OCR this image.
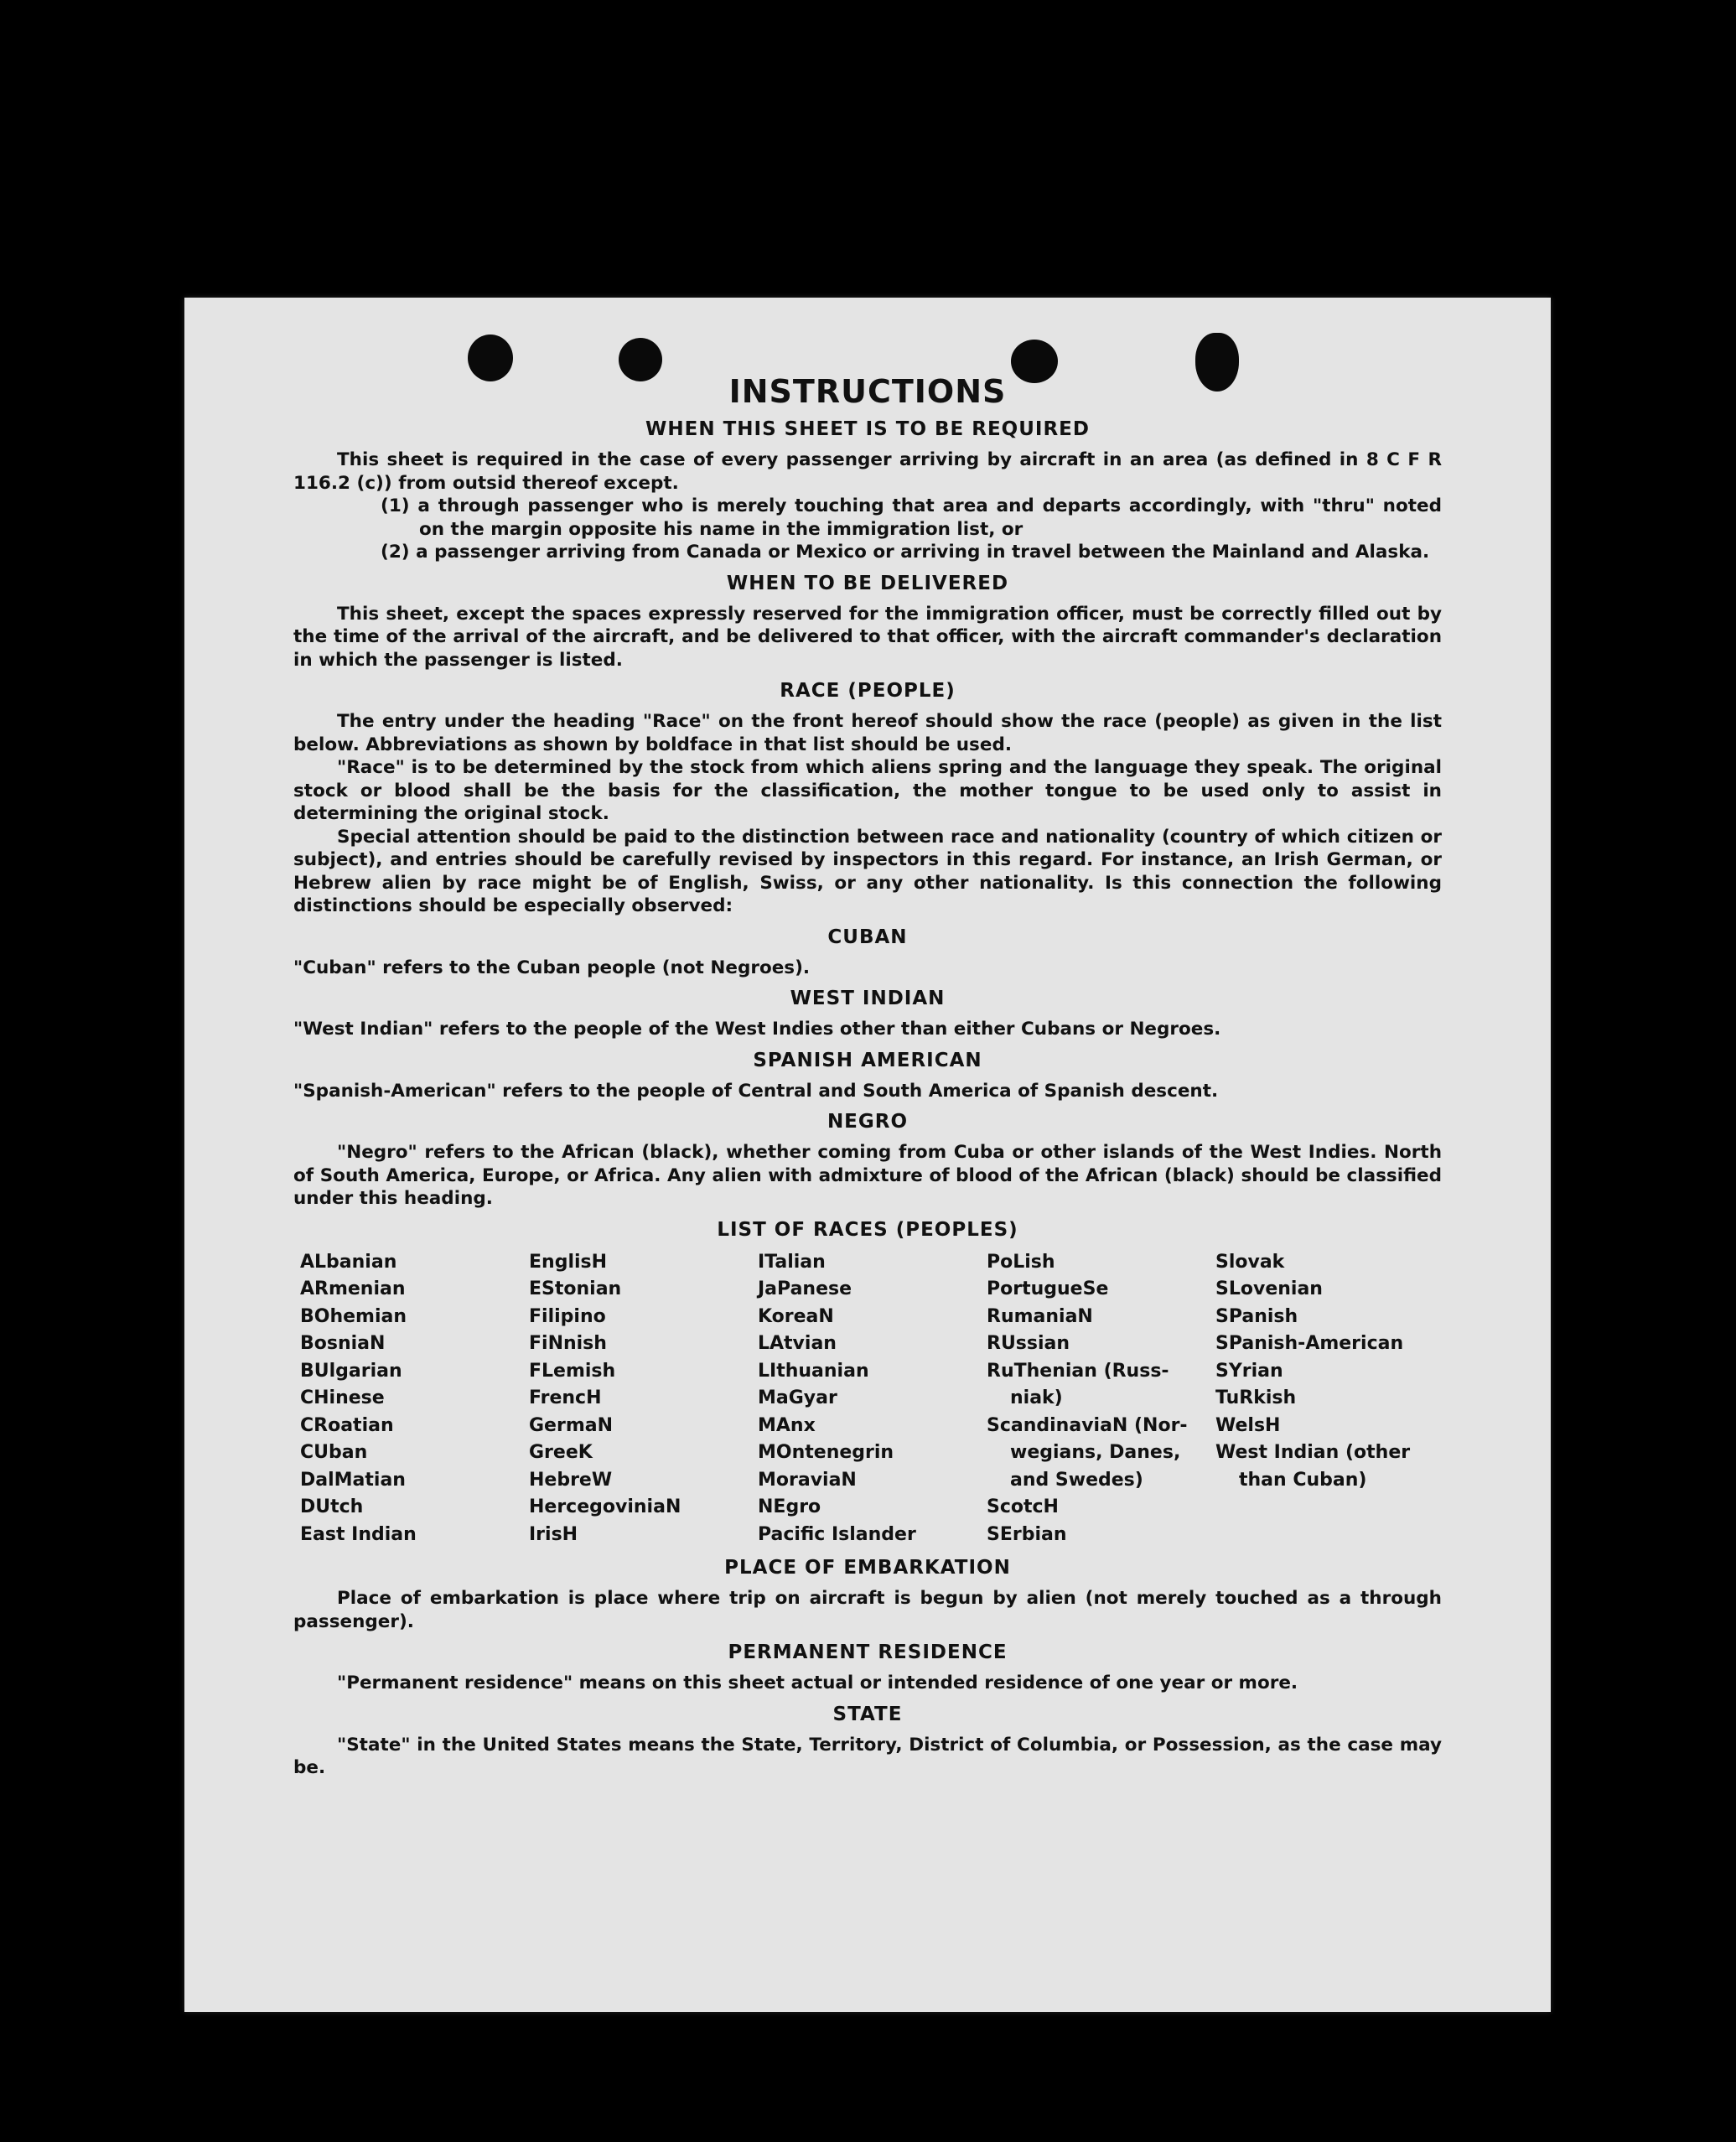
INSTRUCTIONS
WHEN THIS SHEET IS TO BE REQUIRED

This sheet is required in the case of every passenger arriving by aircraft in an area (as defined in 8 C F R 116.2 (c)) from outsid thereof except.

(1) a through passenger who is merely touching that area and departs accordingly, with "thru" noted on the margin opposite his name in the immigration list, or
(2) a passenger arriving from Canada or Mexico or arriving in travel between the Mainland and Alaska.
WHEN TO BE DELIVERED

This sheet, except the spaces expressly reserved for the immigration officer, must be correctly filled out by the time of the arrival of the aircraft, and be delivered to that officer, with the aircraft commander's declaration in which the passenger is listed.

RACE (PEOPLE)

The entry under the heading "Race" on the front hereof should show the race (people) as given in the list below. Abbreviations as shown by boldface in that list should be used.

"Race" is to be determined by the stock from which aliens spring and the language they speak. The original stock or blood shall be the basis for the classification, the mother tongue to be used only to assist in determining the original stock.

Special attention should be paid to the distinction between race and nationality (country of which citizen or subject), and entries should be carefully revised by inspectors in this regard. For instance, an Irish German, or Hebrew alien by race might be of English, Swiss, or any other nationality. Is this connection the following distinctions should be especially observed:

CUBAN

"Cuban" refers to the Cuban people (not Negroes).

WEST INDIAN

"West Indian" refers to the people of the West Indies other than either Cubans or Negroes.

SPANISH AMERICAN

"Spanish-American" refers to the people of Central and South America of Spanish descent.

NEGRO

"Negro" refers to the African (black), whether coming from Cuba or other islands of the West Indies. North of South America, Europe, or Africa. Any alien with admixture of blood of the African (black) should be classified under this heading.

LIST OF RACES (PEOPLES)
ALbanian
ARmenian
BOhemian
BosniaN
BUlgarian
CHinese
CRoatian
CUban
DalMatian
DUtch
East Indian
EnglisH
EStonian
Filipino
FiNnish
FLemish
FrencH
GermaN
GreeK
HebreW
HercegoviniaN
IrisH
ITalian
JaPanese
KoreaN
LAtvian
LIthuanian
MaGyar
MAnx
MOntenegrin
MoraviaN
NEgro
Pacific Islander
PoLish
PortugueSe
RumaniaN
RUssian
RuThenian (Russ-
niak)
ScandinaviaN (Nor-
wegians, Danes,
and Swedes)
ScotcH
SErbian
Slovak
SLovenian
SPanish
SPanish-American
SYrian
TuRkish
WelsH
West Indian (other
than Cuban)
PLACE OF EMBARKATION

Place of embarkation is place where trip on aircraft is begun by alien (not merely touched as a through passenger).

PERMANENT RESIDENCE

"Permanent residence" means on this sheet actual or intended residence of one year or more.

STATE

"State" in the United States means the State, Territory, District of Columbia, or Possession, as the case may be.
